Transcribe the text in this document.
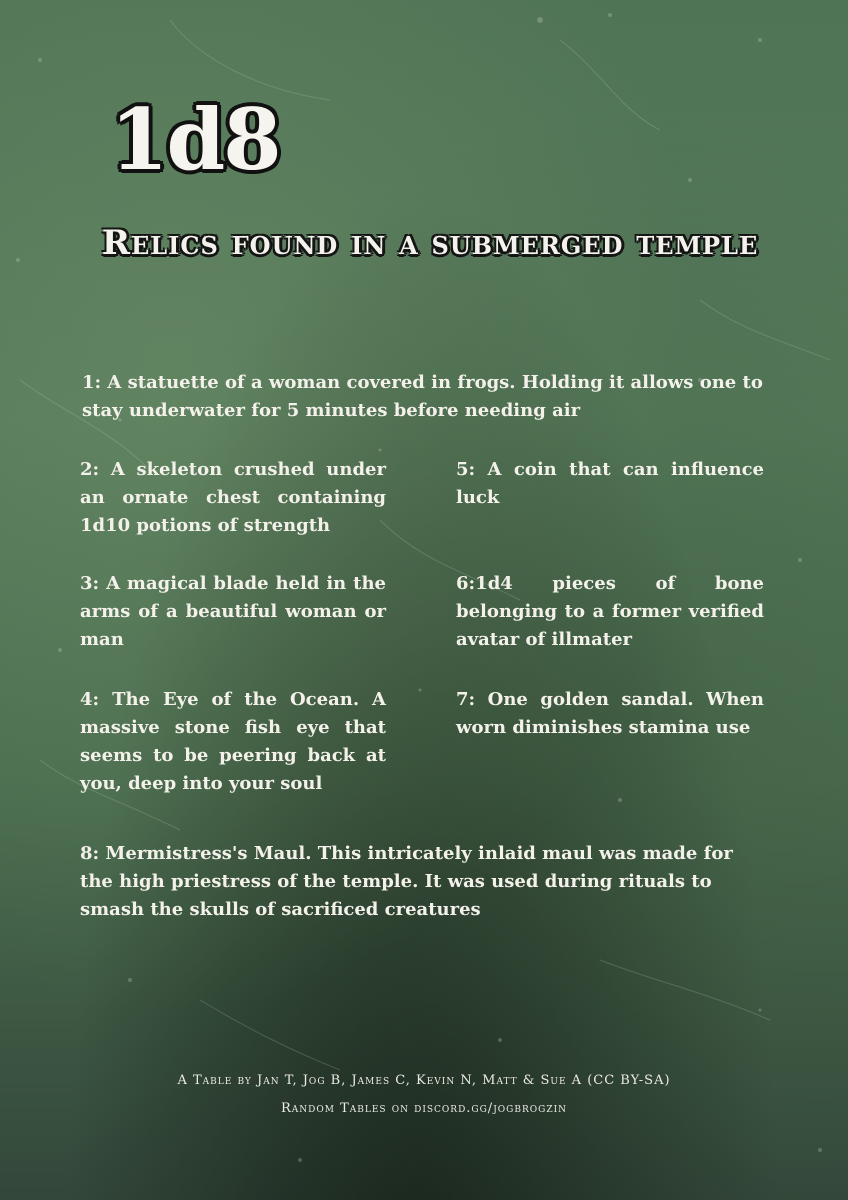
1d8
Relics found in a submerged temple
1: A statuette of a woman covered in frogs. Holding it allows one to stay underwater for 5 minutes before needing air
2: A skeleton crushed under an ornate chest containing 1d10 potions of strength
3: A magical blade held in the arms of a beautiful woman or man
4: The Eye of the Ocean. A massive stone fish eye that seems to be peering back at you, deep into your soul
5: A coin that can influence luck
6:1d4 pieces of bone belonging to a former verified avatar of illmater
7: One golden sandal. When worn diminishes stamina use
8: Mermistress's Maul. This intricately inlaid maul was made for the high priestress of the temple. It was used during rituals to smash the skulls of sacrificed creatures
A Table by Jan T, Jog B, James C, Kevin N, Matt & Sue A (CC BY-SA)
Random Tables on discord.gg/jogbrogzin
